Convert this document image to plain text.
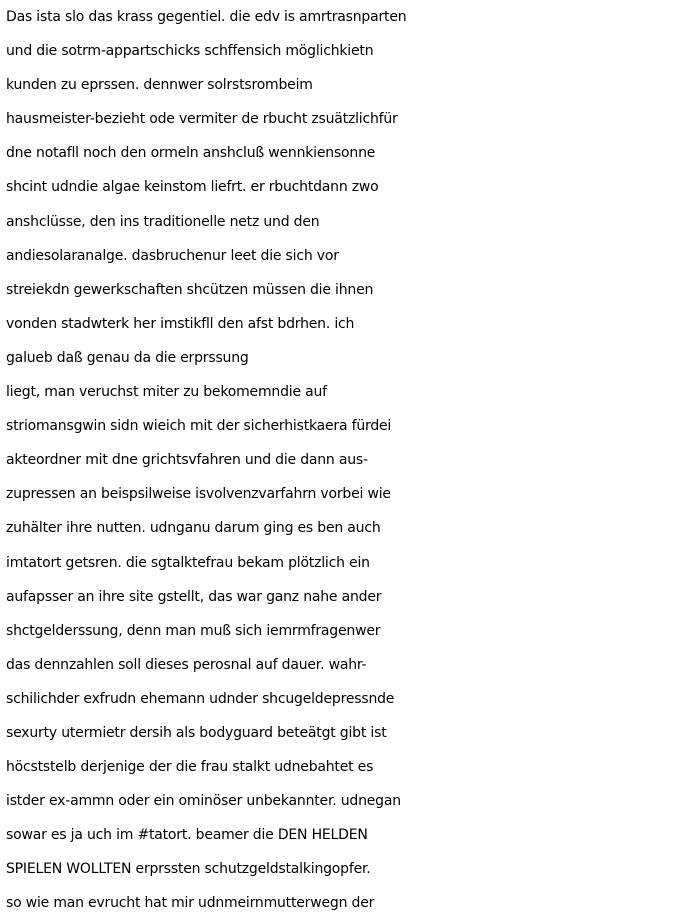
Das ista slo das krass gegentiel. die edv is amrtrasnparten
und die sotrm-appartschicks schffensich möglichkietn
kunden zu eprssen. dennwer solrstsrombeim
hausmeister-bezieht ode vermiter de rbucht zsuätzlichfür
dne notafll noch den ormeln anshcluß wennkiensonne
shcint udndie algae keinstom liefrt. er rbuchtdann zwo
anshclüsse, den ins traditionelle netz und den
andiesolaranalge. dasbruchenur leet die sich vor
streiekdn gewerkschaften shcützen müssen die ihnen
vonden stadwterk her imstikfll den afst bdrhen. ich
galueb daß genau da die erprssung
liegt, man veruchst miter zu bekomemndie auf
striomansgwin sidn wieich mit der sicherhistkaera fürdei
akteordner mit dne grichtsvfahren und die dann aus-
zupressen an beispsilweise isvolvenzvarfahrn vorbei wie
zuhälter ihre nutten. udnganu darum ging es ben auch
imtatort getsren. die sgtalktefrau bekam plötzlich ein
aufapsser an ihre site gstellt, das war ganz nahe ander
shctgelderssung, denn man muß sich iemrmfragenwer
das dennzahlen soll dieses perosnal auf dauer. wahr-
schilichder exfrudn ehemann udnder shcugeldepressnde
sexurty utermietr dersih als bodyguard beteätgt gibt ist
höcststelb derjenige der die frau stalkt udnebahtet es
istder ex-ammn oder ein ominöser unbekannter. udnegan
sowar es ja uch im #tatort. beamer die DEN HELDEN
SPIELEN WOLLTEN erprssten schutzgeldstalkingopfer.
so wie man evrucht hat mir udnmeirnmutterwegn der
